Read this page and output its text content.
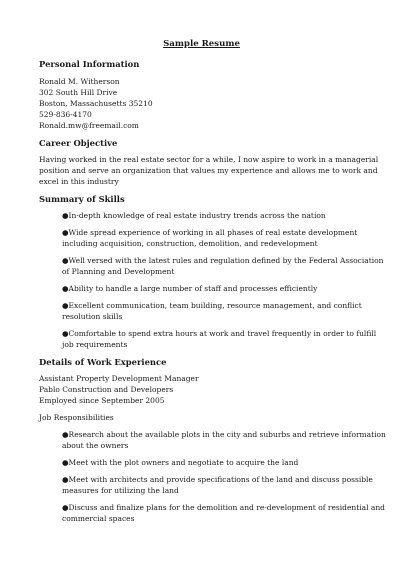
Sample Resume
Personal Information
Ronald M. Witherson
302 South Hill Drive
Boston, Massachusetts 35210
529-836-4170
Ronald.mw@freemail.com
Career Objective
Having worked in the real estate sector for a while, I now aspire to work in a managerial
position and serve an organization that values my experience and allows me to work and
excel in this industry
Summary of Skills
●In-depth knowledge of real estate industry trends across the nation
●Wide spread experience of working in all phases of real estate development
including acquisition, construction, demolition, and redevelopment
●Well versed with the latest rules and regulation defined by the Federal Association
of Planning and Development
●Ability to handle a large number of staff and processes efficiently
●Excellent communication, team building, resource management, and conflict
resolution skills
●Comfortable to spend extra hours at work and travel frequently in order to fulfill
job requirements
Details of Work Experience
Assistant Property Development Manager
Pablo Construction and Developers
Employed since September 2005
Job Responsibilities
●Research about the available plots in the city and suburbs and retrieve information
about the owners
●Meet with the plot owners and negotiate to acquire the land
●Meet with architects and provide specifications of the land and discuss possible
measures for utilizing the land
●Discuss and finalize plans for the demolition and re-development of residential and
commercial spaces
